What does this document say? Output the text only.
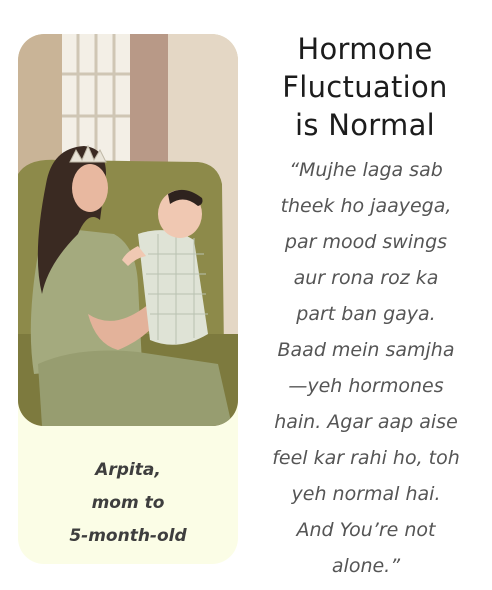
Arpita,
mom to
5-month-old
Hormone
Fluctuation
is Normal
“Mujhe laga sab
theek ho jaayega,
par mood swings
aur rona roz ka
part ban gaya.
Baad mein samjha
—yeh hormones
hain. Agar aap aise
feel kar rahi ho, toh
yeh normal hai.
And You’re not
alone.”
